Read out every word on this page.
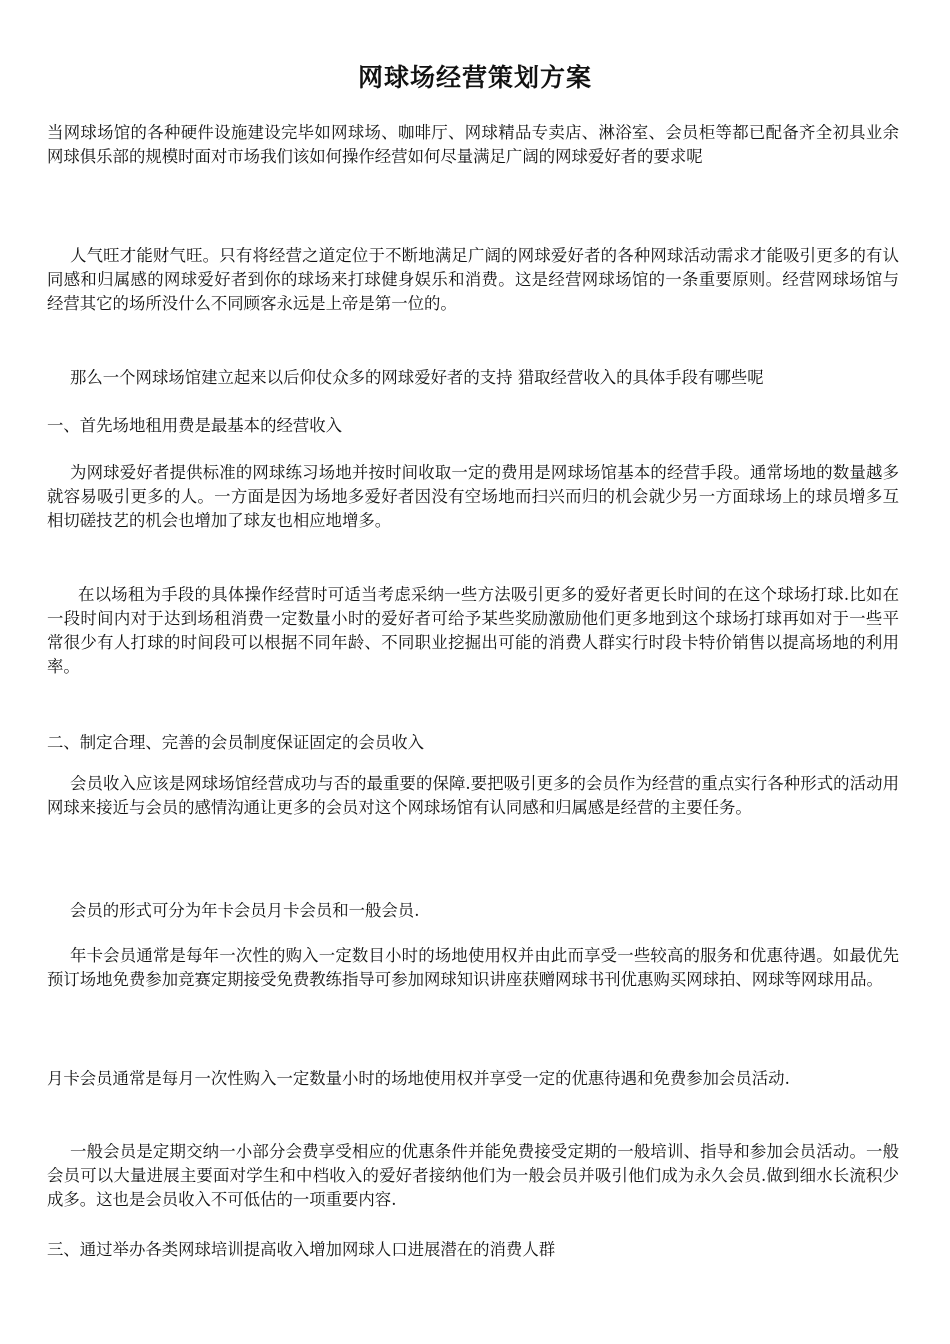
网球场经营策划方案

当网球场馆的各种硬件设施建设完毕如网球场、咖啡厅、网球精品专卖店、淋浴室、会员柜等都已配备齐全初具业余网球俱乐部的规模时面对市场我们该如何操作经营如何尽量满足广阔的网球爱好者的要求呢

人气旺才能财气旺。只有将经营之道定位于不断地满足广阔的网球爱好者的各种网球活动需求才能吸引更多的有认同感和归属感的网球爱好者到你的球场来打球健身娱乐和消费。这是经营网球场馆的一条重要原则。经营网球场馆与经营其它的场所没什么不同顾客永远是上帝是第一位的。

那么一个网球场馆建立起来以后仰仗众多的网球爱好者的支持 猎取经营收入的具体手段有哪些呢

一、首先场地租用费是最基本的经营收入

为网球爱好者提供标准的网球练习场地并按时间收取一定的费用是网球场馆基本的经营手段。通常场地的数量越多就容易吸引更多的人。一方面是因为场地多爱好者因没有空场地而扫兴而归的机会就少另一方面球场上的球员增多互相切磋技艺的机会也增加了球友也相应地增多。

在以场租为手段的具体操作经营时可适当考虑采纳一些方法吸引更多的爱好者更长时间的在这个球场打球.比如在一段时间内对于达到场租消费一定数量小时的爱好者可给予某些奖励激励他们更多地到这个球场打球再如对于一些平常很少有人打球的时间段可以根据不同年龄、不同职业挖掘出可能的消费人群实行时段卡特价销售以提高场地的利用率。

二、制定合理、完善的会员制度保证固定的会员收入

会员收入应该是网球场馆经营成功与否的最重要的保障.要把吸引更多的会员作为经营的重点实行各种形式的活动用网球来接近与会员的感情沟通让更多的会员对这个网球场馆有认同感和归属感是经营的主要任务。

会员的形式可分为年卡会员月卡会员和一般会员.

年卡会员通常是每年一次性的购入一定数目小时的场地使用权并由此而享受一些较高的服务和优惠待遇。如最优先预订场地免费参加竞赛定期接受免费教练指导可参加网球知识讲座获赠网球书刊优惠购买网球拍、网球等网球用品。

月卡会员通常是每月一次性购入一定数量小时的场地使用权并享受一定的优惠待遇和免费参加会员活动.

一般会员是定期交纳一小部分会费享受相应的优惠条件并能免费接受定期的一般培训、指导和参加会员活动。一般会员可以大量进展主要面对学生和中档收入的爱好者接纳他们为一般会员并吸引他们成为永久会员.做到细水长流积少成多。这也是会员收入不可低估的一项重要内容.

三、通过举办各类网球培训提高收入增加网球人口进展潜在的消费人群
